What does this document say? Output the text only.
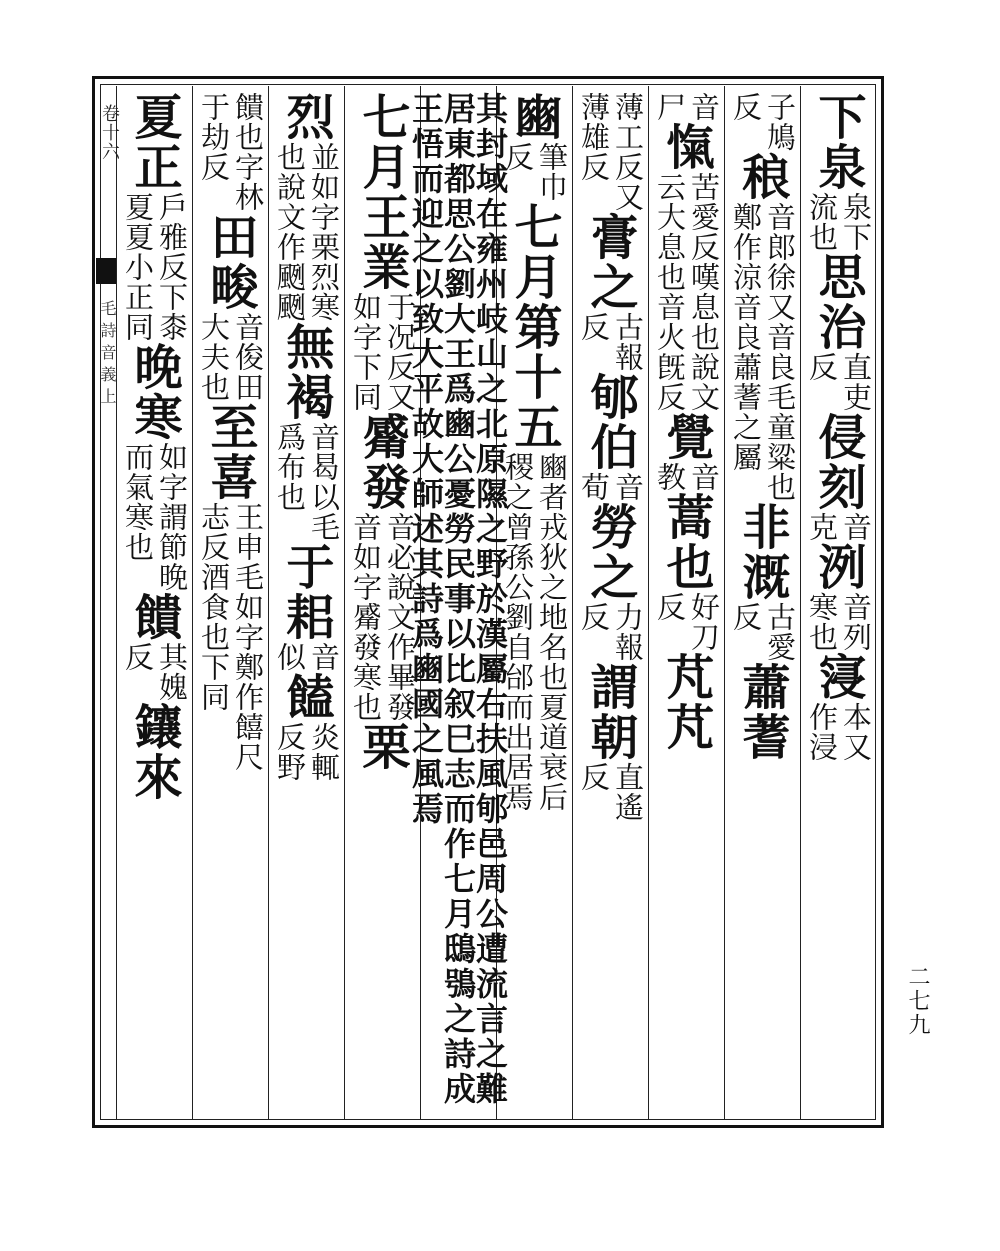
卷十六
毛詩音義上
下泉
泉下
流也
思治
直吏
反
侵刻
音
克
洌
音列
寒也
寖
本又
作浸
子鳩
反
稂
音郎徐又音良毛童粱也
鄭作涼音良蕭蓍之屬
非溉
古愛
反
蕭蓍
音
尸
愾
苦愛反嘆息也說文
云大息也音火旣反
覺
音
教
蒿也
好刀
反
芃芃
薄工反又
薄雄反
膏之
古報
反
郇伯
音
荀
勞之
力報
反
謂朝
直遙
反
豳
筆巾
反
七月第十五
豳者戎狄之地名也夏道衰后
稷之曾孫公劉自邰而出居焉
其封域在雍州岐山之北原隰之野於漢屬右扶風郇邑周公遭流言之難居東都思公劉大王爲豳公憂勞民事以比叙巳志而作七月鴟鴞之詩成王悟而迎之以致大平故大師述其詩爲豳國之風焉
七月王業
于况反又
如字下同
觱發
音必說文作畢發
音如字觱發寒也
栗
烈
並如字栗烈寒
也說文作颲颲
無褐
音曷以毛
爲布也
于耜
音
似
饁
炎輒
反野
饋也字林
于劫反
田畯
音俊田
大夫也
至喜
王申毛如字鄭作饎尺
志反酒食也下同
夏正
戶雅反下桼
夏夏小正同
晚寒
如字謂節晚
而氣寒也
饋
其媿
反
鑲來
二七九
